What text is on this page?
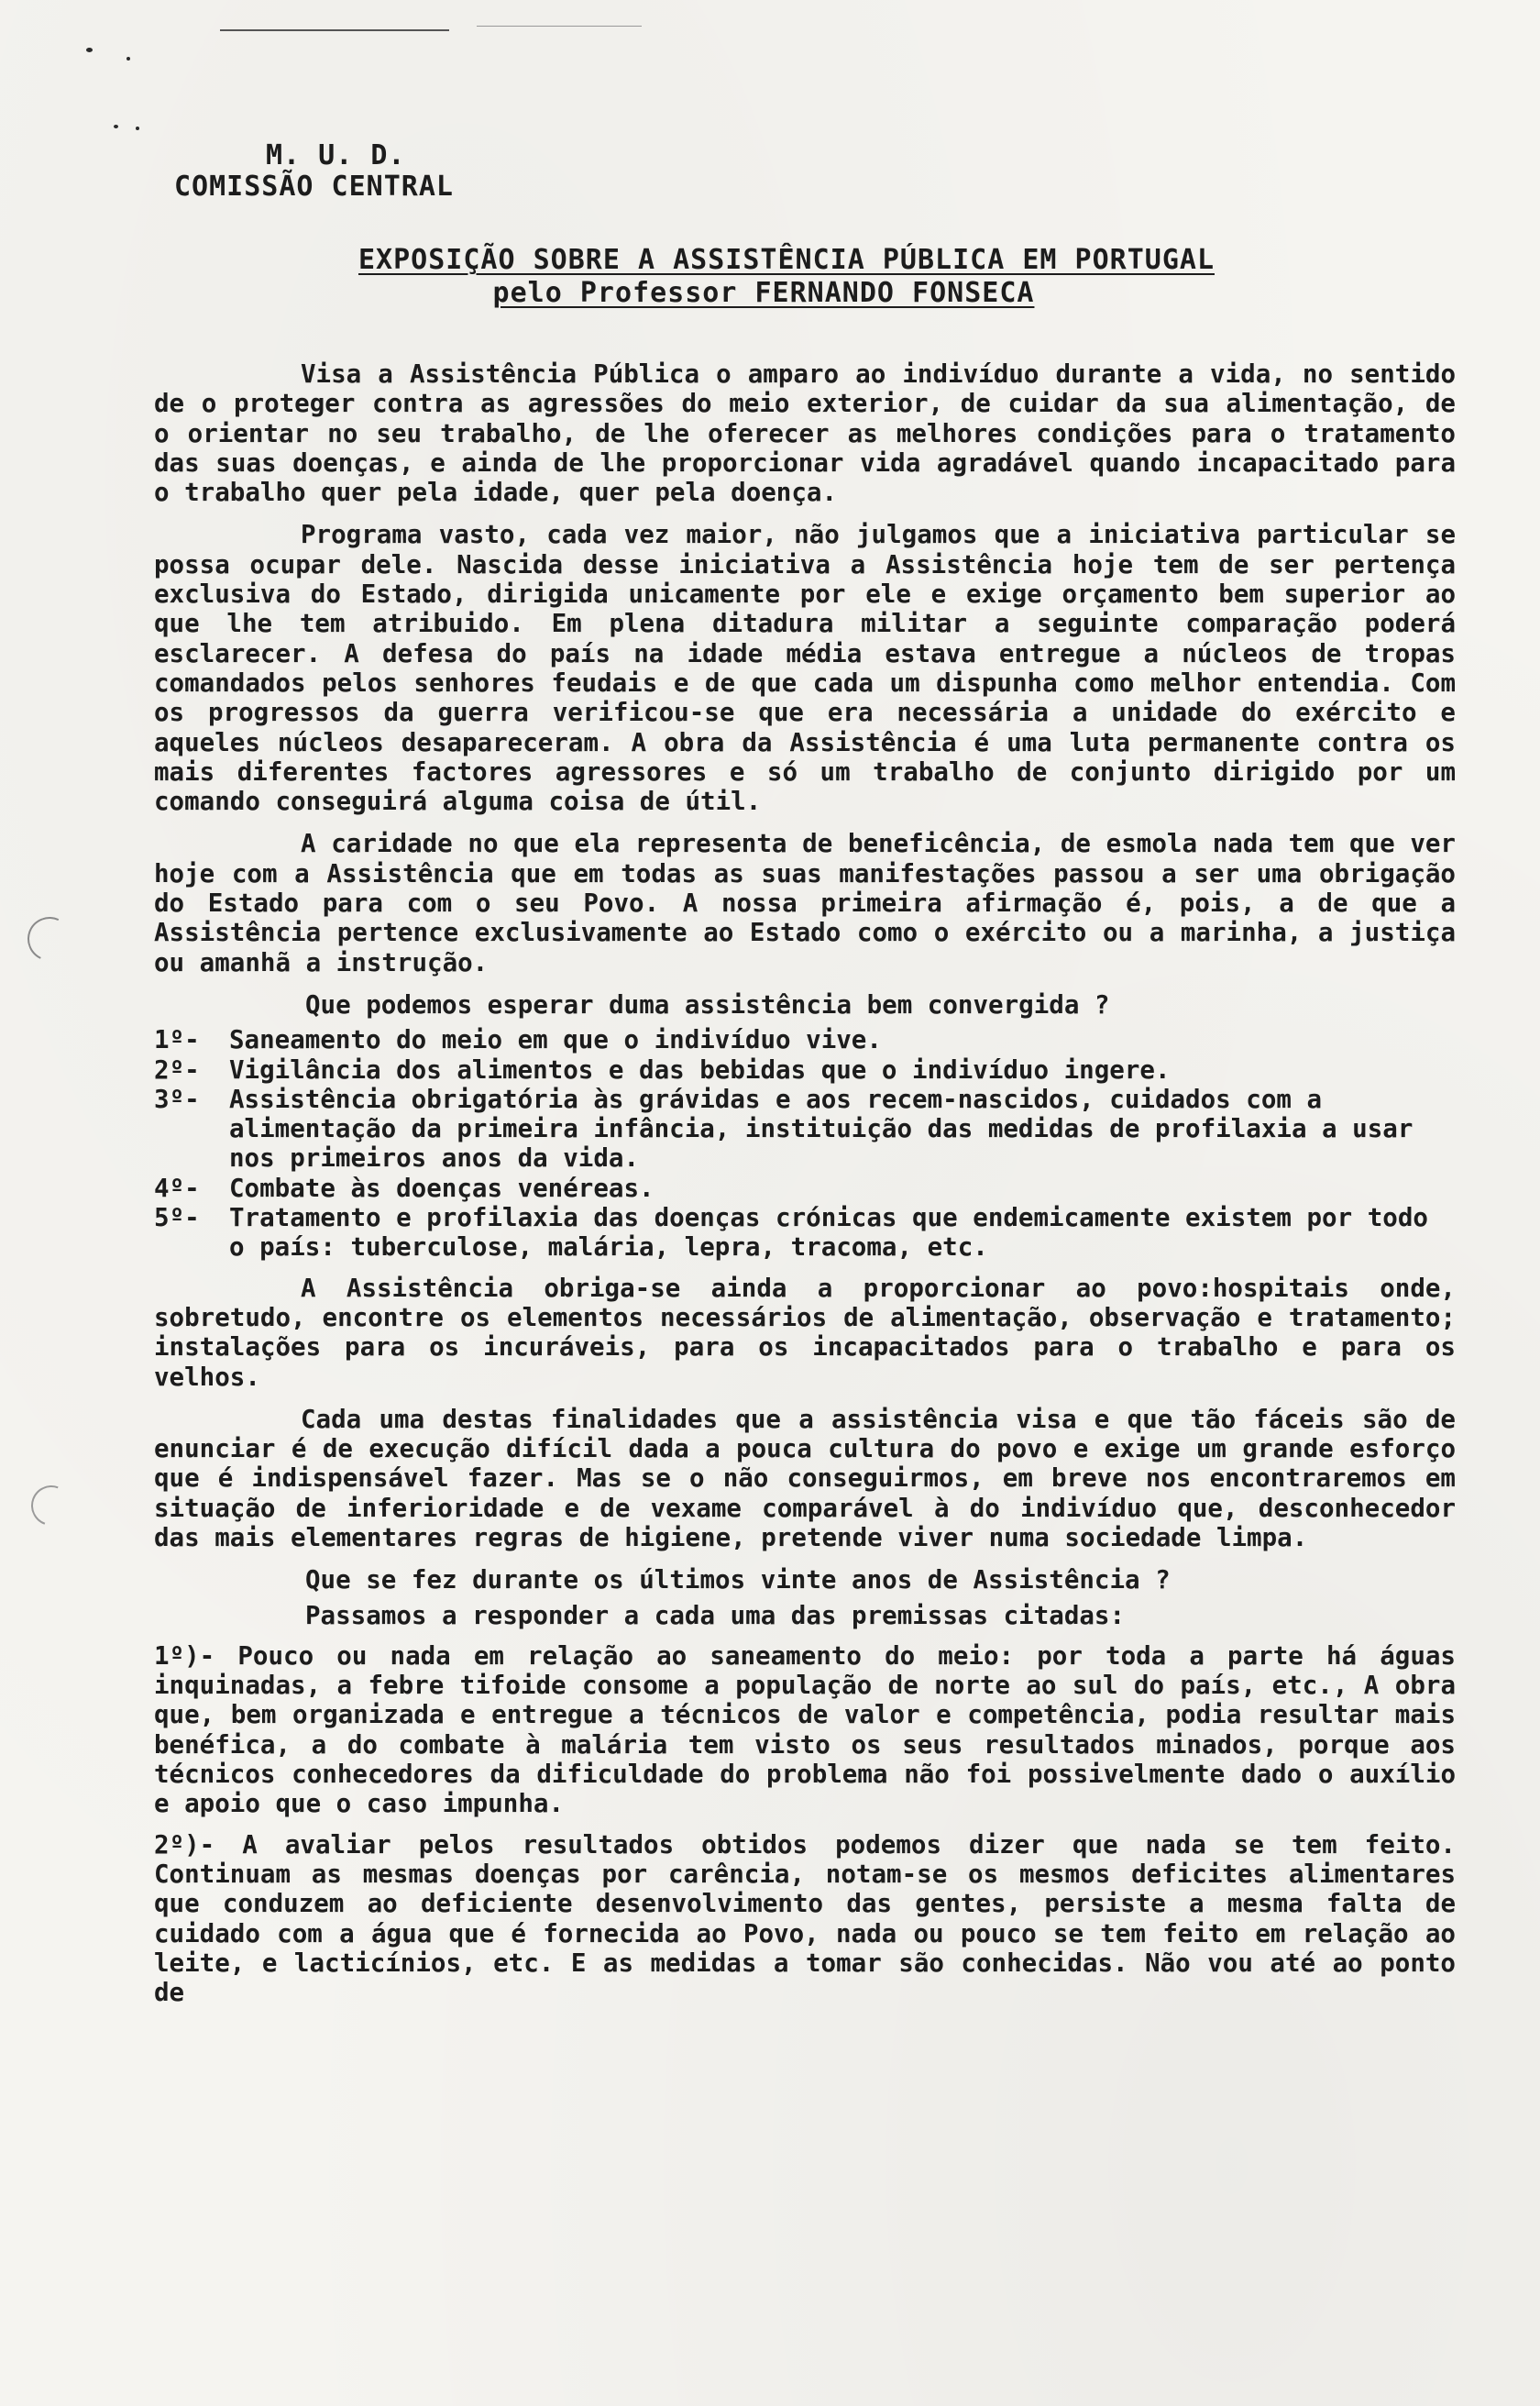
M. U. D.
COMISSÃO CENTRAL
EXPOSIÇÃO SOBRE A ASSISTÊNCIA PÚBLICA EM PORTUGAL
pelo Professor FERNANDO FONSECA

Visa a Assistência Pública o amparo ao indivíduo durante a vida, no sentido de o proteger contra as agressões do meio exterior, de cuidar da sua alimentação, de o orientar no seu trabalho, de lhe oferecer as melhores condições para o tratamento das suas doenças, e ainda de lhe proporcionar vida agradável quando incapacitado para o trabalho quer pela idade, quer pela doença.

Programa vasto, cada vez maior, não julgamos que a iniciativa particular se possa ocupar dele. Nascida desse iniciativa a Assistência hoje tem de ser pertença exclusiva do Estado, dirigida unicamente por ele e exige orçamento bem superior ao que lhe tem atribuido. Em plena ditadura militar a seguinte comparação poderá esclarecer. A defesa do país na idade média estava entregue a núcleos de tropas comandados pelos senhores feudais e de que cada um dispunha como melhor entendia. Com os progressos da guerra verificou-se que era necessária a unidade do exército e aqueles núcleos desapareceram. A obra da Assistência é uma luta permanente contra os mais diferentes factores agressores e só um trabalho de conjunto dirigido por um comando conseguirá alguma coisa de útil.

A caridade no que ela representa de beneficência, de esmola nada tem que ver hoje com a Assistência que em todas as suas manifestações passou a ser uma obrigação do Estado para com o seu Povo. A nossa primeira afirmação é, pois, a de que a Assistência pertence exclusivamente ao Estado como o exército ou a marinha, a justiça ou amanhã a instrução.

Que podemos esperar duma assistência bem convergida ?

1º-	Saneamento do meio em que o indivíduo vive.
2º-	Vigilância dos alimentos e das bebidas que o indivíduo ingere.
3º-	Assistência obrigatória às grávidas e aos recem-nascidos, cuidados com a alimentação da primeira infância, instituição das medidas de profilaxia a usar nos primeiros anos da vida.
4º-	Combate às doenças venéreas.
5º-	Tratamento e profilaxia das doenças crónicas que endemicamente existem por todo o país: tuberculose, malária, lepra, tracoma, etc.

A Assistência obriga-se ainda a proporcionar ao povo:hospitais onde, sobretudo, encontre os elementos necessários de alimentação, observação e tratamento; instalações para os incuráveis, para os incapacitados para o trabalho e para os velhos.

Cada uma destas finalidades que a assistência visa e que tão fáceis são de enunciar é de execução difícil dada a pouca cultura do povo e exige um grande esforço que é indispensável fazer. Mas se o não conseguirmos, em breve nos encontraremos em situação de inferioridade e de vexame comparável à do indivíduo que, desconhecedor das mais elementares regras de higiene, pretende viver numa sociedade limpa.

Que se fez durante os últimos vinte anos de Assistência ?

Passamos a responder a cada uma das premissas citadas:

1º)- Pouco ou nada em relação ao saneamento do meio: por toda a parte há águas inquinadas, a febre tifoide consome a população de norte ao sul do país, etc., A obra que, bem organizada e entregue a técnicos de valor e competência, podia resultar mais benéfica, a do combate à malária tem visto os seus resultados minados, porque aos técnicos conhecedores da dificuldade do problema não foi possivelmente dado o auxílio e apoio que o caso impunha.

2º)- A avaliar pelos resultados obtidos podemos dizer que nada se tem feito. Continuam as mesmas doenças por carência, notam-se os mesmos deficites alimentares que conduzem ao deficiente desenvolvimento das gentes, persiste a mesma falta de cuidado com a água que é fornecida ao Povo, nada ou pouco se tem feito em relação ao leite, e lacticínios, etc. E as medidas a tomar são conhecidas. Não vou até ao ponto de
